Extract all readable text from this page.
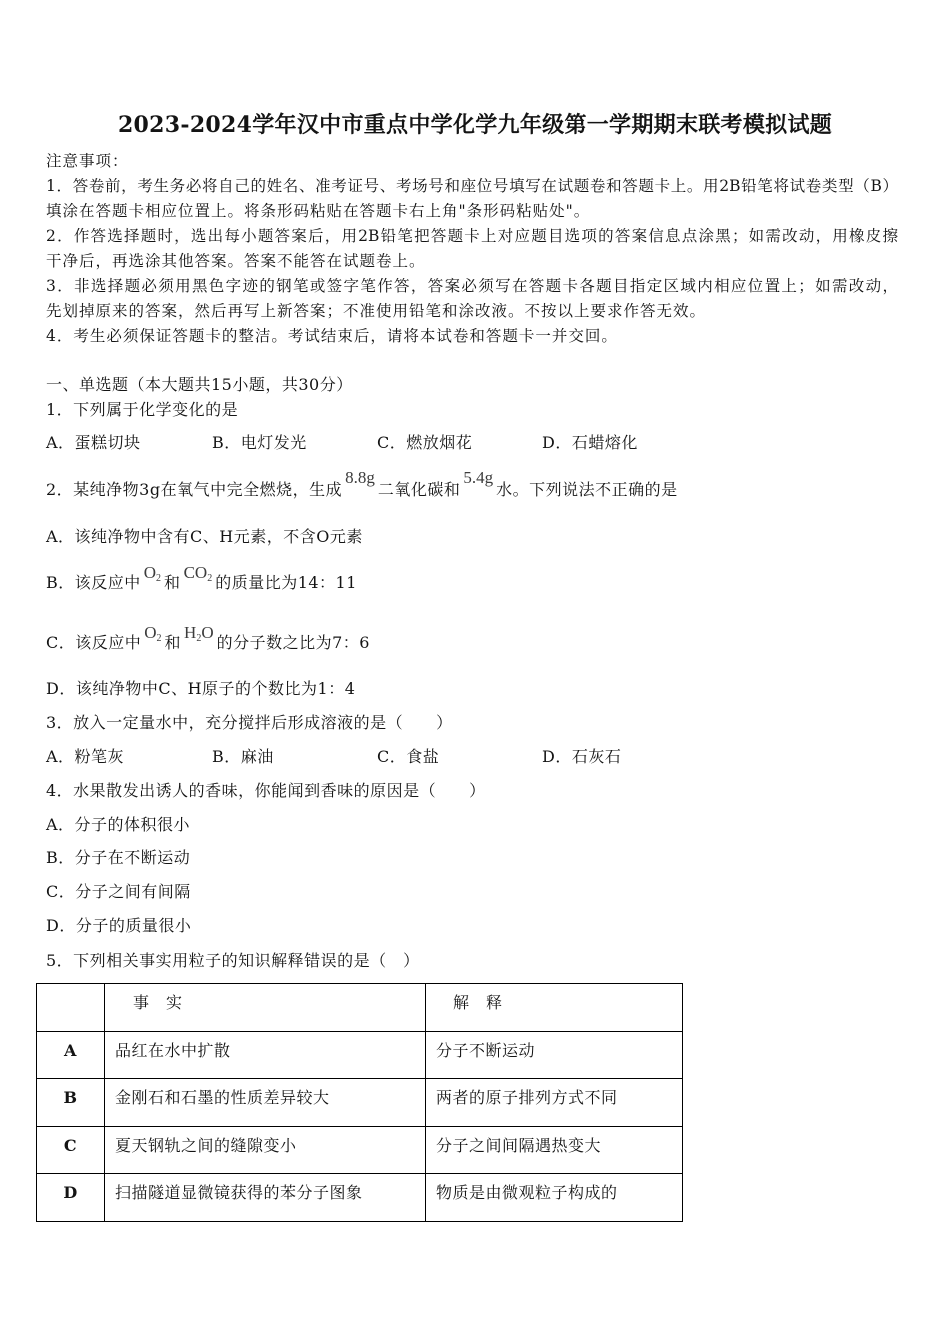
2023-2024学年汉中市重点中学化学九年级第一学期期末联考模拟试题
注意事项：
1．答卷前，考生务必将自己的姓名、准考证号、考场号和座位号填写在试题卷和答题卡上。用2B铅笔将试卷类型（B）
填涂在答题卡相应位置上。将条形码粘贴在答题卡右上角"条形码粘贴处"。
2．作答选择题时，选出每小题答案后，用2B铅笔把答题卡上对应题目选项的答案信息点涂黑；如需改动，用橡皮擦
干净后，再选涂其他答案。答案不能答在试题卷上。
3．非选择题必须用黑色字迹的钢笔或签字笔作答，答案必须写在答题卡各题目指定区域内相应位置上；如需改动，
先划掉原来的答案，然后再写上新答案；不准使用铅笔和涂改液。不按以上要求作答无效。
4．考生必须保证答题卡的整洁。考试结束后，请将本试卷和答题卡一并交回。
一、单选题（本大题共15小题，共30分）
1．下列属于化学变化的是
A．蛋糕切块	B．电灯发光	C．燃放烟花	D．石蜡熔化
2．某纯净物3g在氧气中完全燃烧，生成8.8g二氧化碳和5.4g水。下列说法不正确的是
A．该纯净物中含有C、H元素，不含O元素
B．该反应中$O_2$ 和$CO_2$ 的质量比为14：11
C．该反应中$O_2$ 和$H_2O$的分子数之比为7：6
D．该纯净物中C、H原子的个数比为1：4
3．放入一定量水中，充分搅拌后形成溶液的是（　　）
A．粉笔灰	B．麻油	C．食盐	D．石灰石
4．水果散发出诱人的香味，你能闻到香味的原因是（　　）
A．分子的体积很小
B．分子在不断运动
C．分子之间有间隔
D．分子的质量很小
5．下列相关事实用粒子的知识解释错误的是（　）
	事　实	解　释
A	品红在水中扩散	分子不断运动
B	金刚石和石墨的性质差异较大	两者的原子排列方式不同
C	夏天钢轨之间的缝隙变小	分子之间间隔遇热变大
D	扫描隧道显微镜获得的苯分子图象	物质是由微观粒子构成的
